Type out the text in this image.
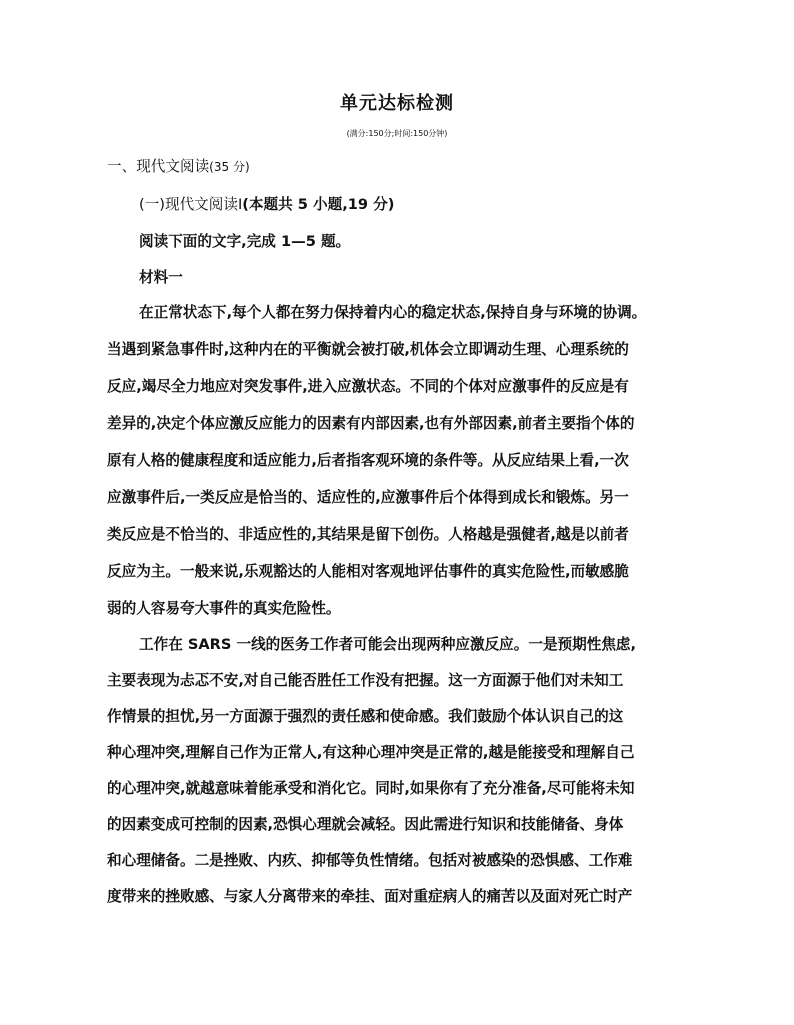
单元达标检测
(满分:150分;时间:150分钟)
一、现代文阅读(35 分)
(一)现代文阅读Ⅰ(本题共 5 小题,19 分)
阅读下面的文字,完成 1—5 题。
材料一
在正常状态下,每个人都在努力保持着内心的稳定状态,保持自身与环境的协调。
当遇到紧急事件时,这种内在的平衡就会被打破,机体会立即调动生理、心理系统的
反应,竭尽全力地应对突发事件,进入应激状态。不同的个体对应激事件的反应是有
差异的,决定个体应激反应能力的因素有内部因素,也有外部因素,前者主要指个体的
原有人格的健康程度和适应能力,后者指客观环境的条件等。从反应结果上看,一次
应激事件后,一类反应是恰当的、适应性的,应激事件后个体得到成长和锻炼。另一
类反应是不恰当的、非适应性的,其结果是留下创伤。人格越是强健者,越是以前者
反应为主。一般来说,乐观豁达的人能相对客观地评估事件的真实危险性,而敏感脆
弱的人容易夸大事件的真实危险性。
工作在 SARS 一线的医务工作者可能会出现两种应激反应。一是预期性焦虑,
主要表现为忐忑不安,对自己能否胜任工作没有把握。这一方面源于他们对未知工
作情景的担忧,另一方面源于强烈的责任感和使命感。我们鼓励个体认识自己的这
种心理冲突,理解自己作为正常人,有这种心理冲突是正常的,越是能接受和理解自己
的心理冲突,就越意味着能承受和消化它。同时,如果你有了充分准备,尽可能将未知
的因素变成可控制的因素,恐惧心理就会减轻。因此需进行知识和技能储备、身体
和心理储备。二是挫败、内疚、抑郁等负性情绪。包括对被感染的恐惧感、工作难
度带来的挫败感、与家人分离带来的牵挂、面对重症病人的痛苦以及面对死亡时产
